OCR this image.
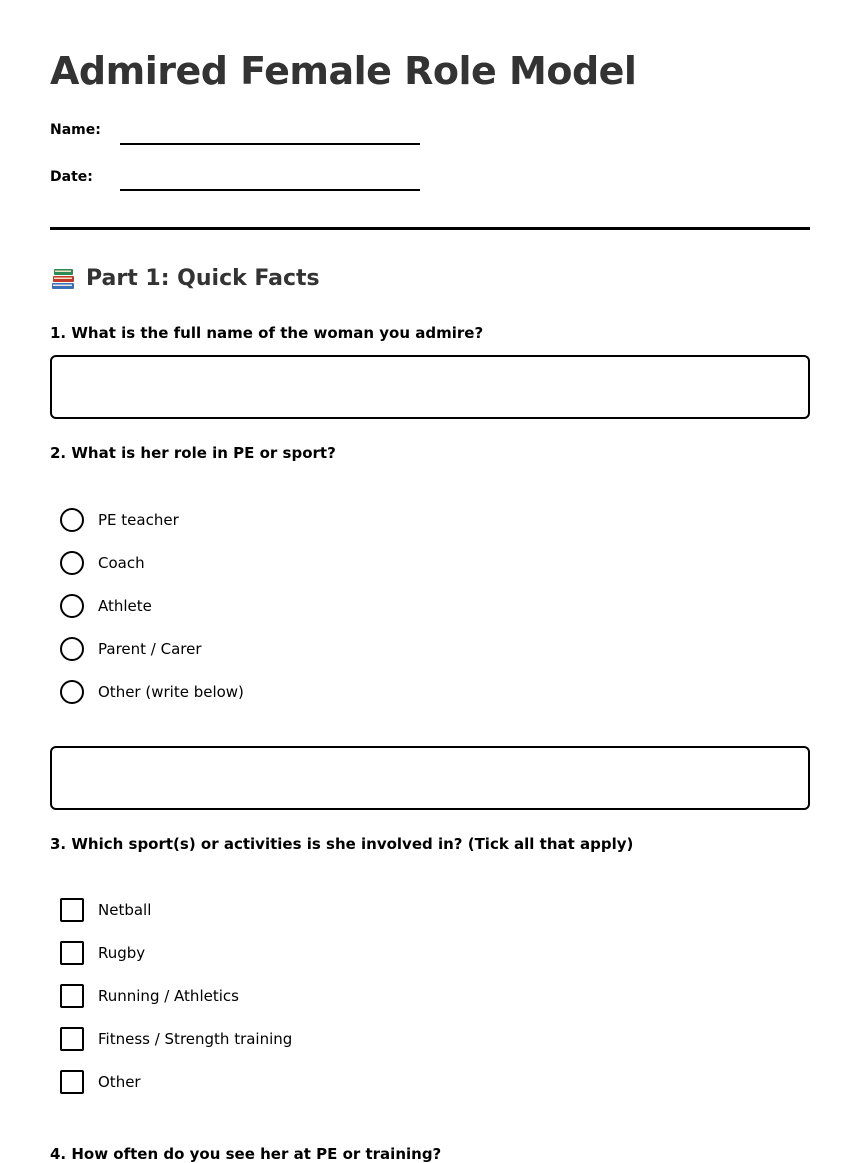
Admired Female Role Model
Name:
Date:
Part 1: Quick Facts
1. What is the full name of the woman you admire?
2. What is her role in PE or sport?
PE teacher
Coach
Athlete
Parent / Carer
Other (write below)
3. Which sport(s) or activities is she involved in? (Tick all that apply)
Netball
Rugby
Running / Athletics
Fitness / Strength training
Other
4. How often do you see her at PE or training?
